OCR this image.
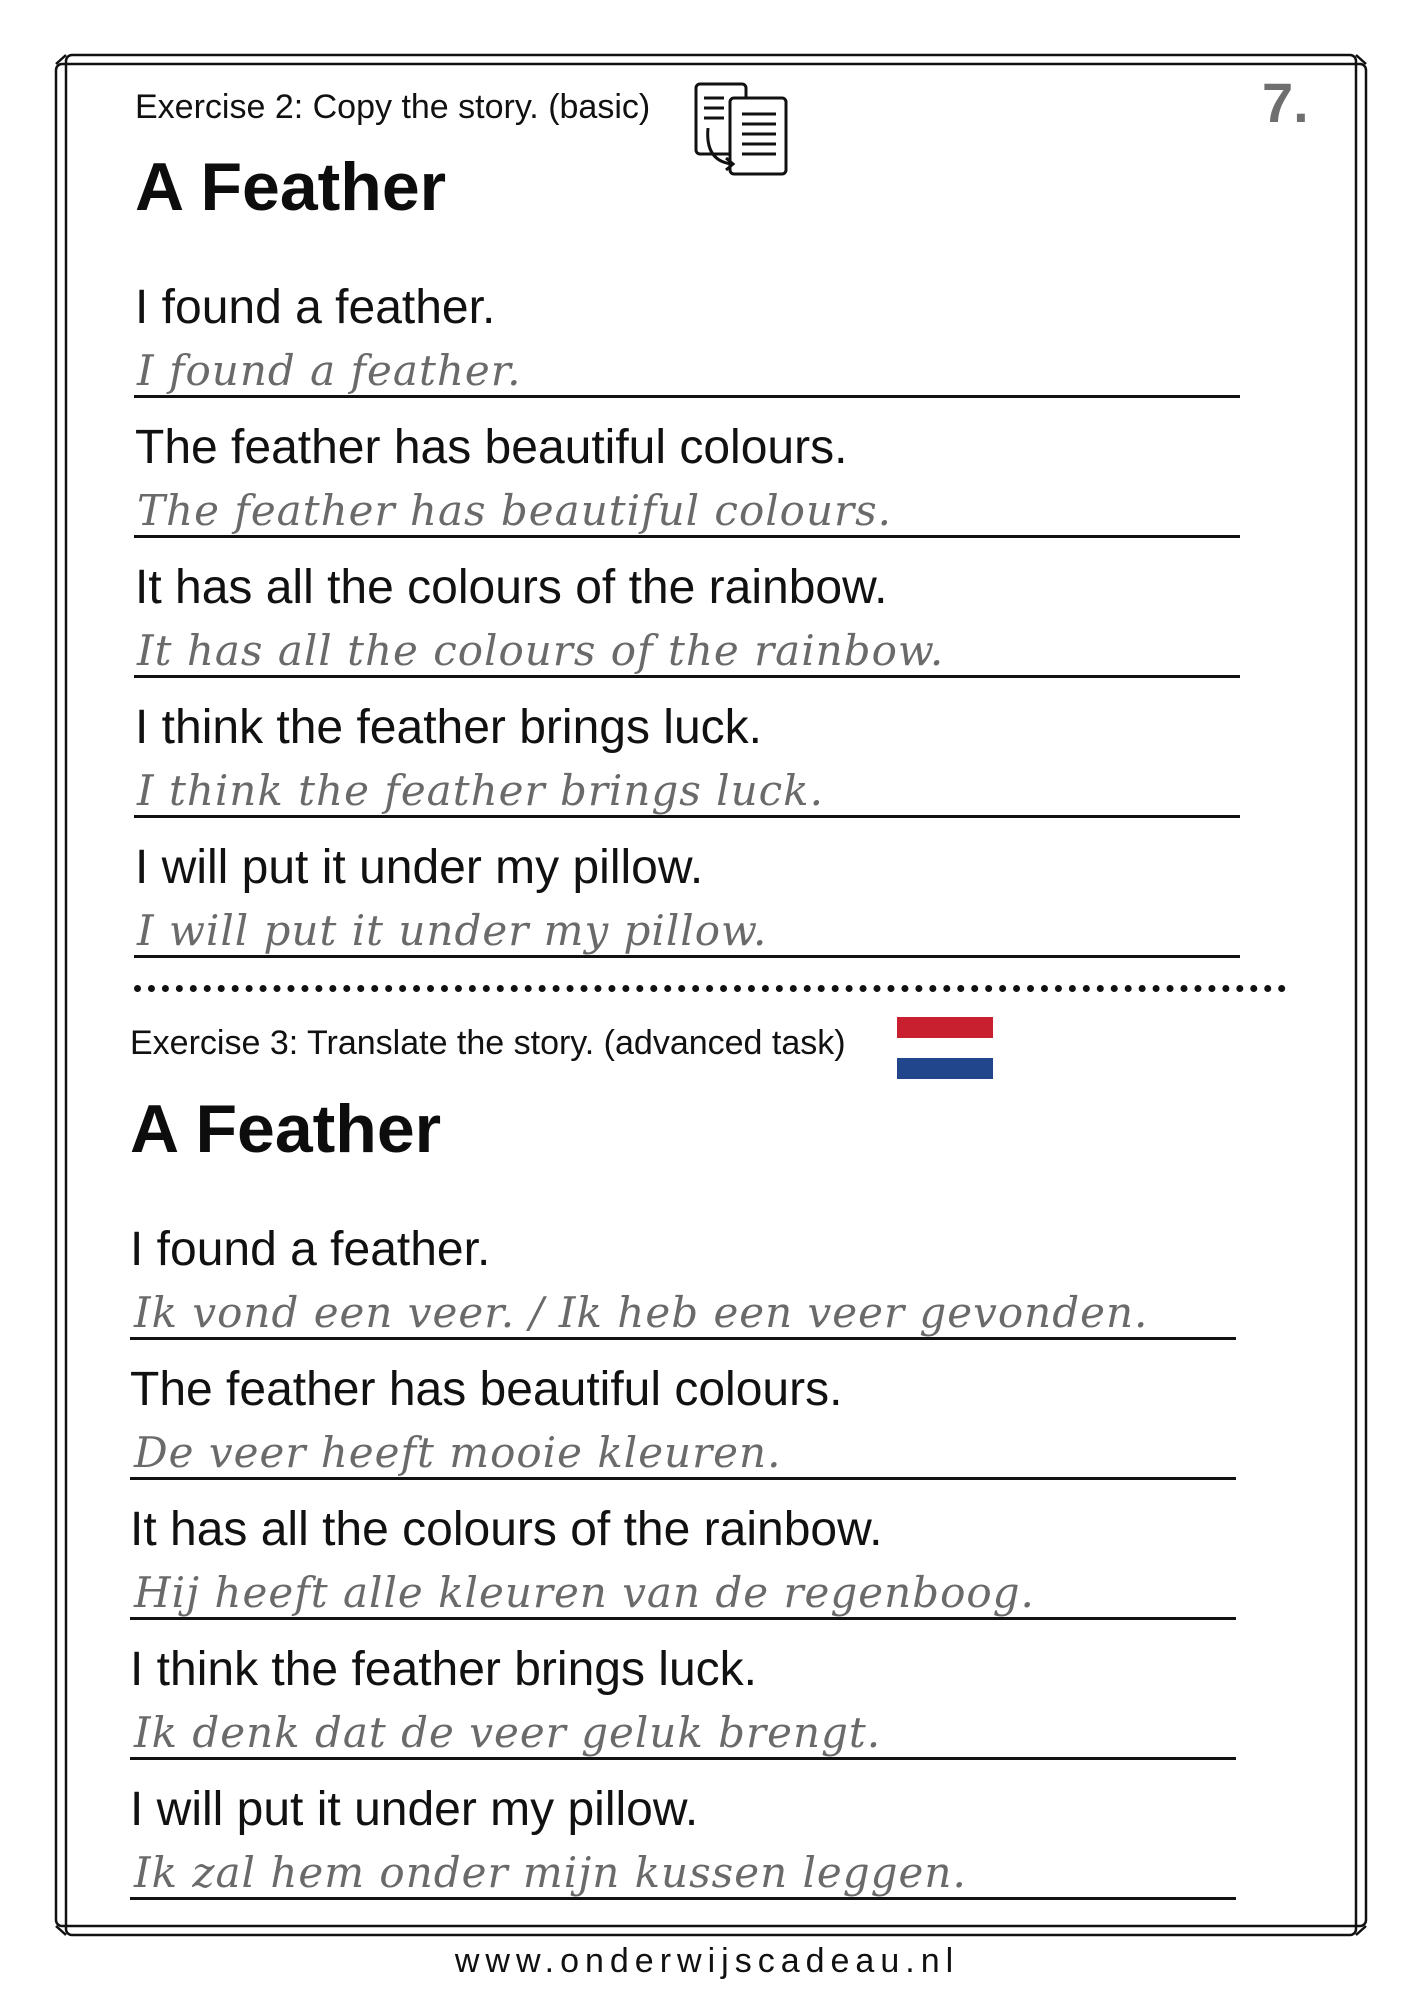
7.
Exercise 2: Copy the story. (basic)
A Feather
I found a feather.
I found a feather.
The feather has beautiful colours.
The feather has beautiful colours.
It has all the colours of the rainbow.
It has all the colours of the rainbow.
I think the feather brings luck.
I think the feather brings luck.
I will put it under my pillow.
I will put it under my pillow.
Exercise 3: Translate the story. (advanced task)
A Feather
I found a feather.
Ik vond een veer. / Ik heb een veer gevonden.
The feather has beautiful colours.
De veer heeft mooie kleuren.
It has all the colours of the rainbow.
Hij heeft alle kleuren van de regenboog.
I think the feather brings luck.
Ik denk dat de veer geluk brengt.
I will put it under my pillow.
Ik zal hem onder mijn kussen leggen.
www.onderwijscadeau.nl
